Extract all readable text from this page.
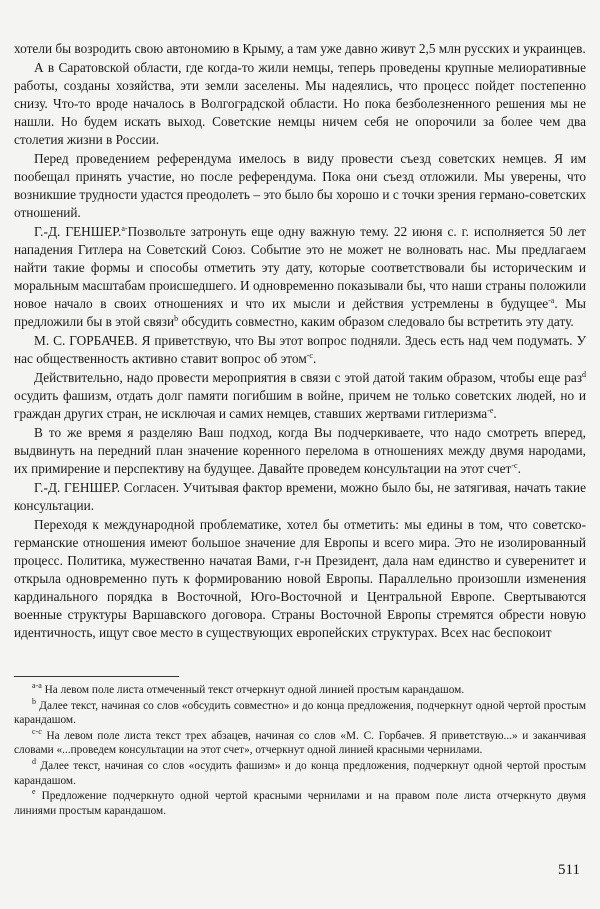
хотели бы возродить свою автономию в Крыму, а там уже давно живут 2,5 млн русских и украинцев.

А в Саратовской области, где когда-то жили немцы, теперь проведены крупные мелиоративные работы, созданы хозяйства, эти земли заселены. Мы надеялись, что процесс пойдет постепенно снизу. Что-то вроде началось в Волгоградской области. Но пока безболезненного решения мы не нашли. Но будем искать выход. Советские немцы ничем себя не опорочили за более чем два столетия жизни в России.

Перед проведением референдума имелось в виду провести съезд советских немцев. Я им пообещал принять участие, но после референдума. Пока они съезд отложили. Мы уверены, что возникшие трудности удастся преодолеть – это было бы хорошо и с точки зрения германо-советских отношений.

Г.-Д. ГЕНШЕР.$^{а-}$Позвольте затронуть еще одну важную тему. 22 июня с. г. исполняется 50 лет нападения Гитлера на Советский Союз. Событие это не может не волновать нас. Мы предлагаем найти такие формы и способы отметить эту дату, которые соответствовали бы историческим и моральным масштабам происшедшего. И одновременно показывали бы, что наши страны положили новое начало в своих отношениях и что их мысли и действия устремлены в будущее$^{-а}$. Мы предложили бы в этой связи$^b$ обсудить совместно, каким образом следовало бы встретить эту дату.

М. С. ГОРБАЧЕВ. Я приветствую, что Вы этот вопрос подняли. Здесь есть над чем подумать. У нас общественность активно ставит вопрос об этом$^{-с}$.

Действительно, надо провести мероприятия в связи с этой датой таким образом, чтобы еще раз$^d$ осудить фашизм, отдать долг памяти погибшим в войне, причем не только советских людей, но и граждан других стран, не исключая и самих немцев, ставших жертвами гитлеризма$^{-е}$.

В то же время я разделяю Ваш подход, когда Вы подчеркиваете, что надо смотреть вперед, выдвинуть на передний план значение коренного перелома в отношениях между двумя народами, их примирение и перспективу на будущее. Давайте проведем консультации на этот счет$^{-с}$.

Г.-Д. ГЕНШЕР. Согласен. Учитывая фактор времени, можно было бы, не затягивая, начать такие консультации.

Переходя к международной проблематике, хотел бы отметить: мы едины в том, что советско-германские отношения имеют большое значение для Европы и всего мира. Это не изолированный процесс. Политика, мужественно начатая Вами, г-н Президент, дала нам единство и суверенитет и открыла одновременно путь к формированию новой Европы. Параллельно произошли изменения кардинального порядка в Восточной, Юго-Восточной и Центральной Европе. Свертываются военные структуры Варшавского договора. Страны Восточной Европы стремятся обрести новую идентичность, ищут свое место в существующих европейских структурах. Всех нас беспокоит

$^{а-а}$ На левом поле листа отмеченный текст отчеркнут одной линией простым карандашом.

$^b$ Далее текст, начиная со слов «обсудить совместно» и до конца предложения, подчеркнут одной чертой простым карандашом.

$^{с-с}$ На левом поле листа текст трех абзацев, начиная со слов «М. С. Горбачев. Я приветствую...» и заканчивая словами «...проведем консультации на этот счет», отчеркнут одной линией красными чернилами.

$^d$ Далее текст, начиная со слов «осудить фашизм» и до конца предложения, подчеркнут одной чертой простым карандашом.

$^е$ Предложение подчеркнуто одной чертой красными чернилами и на правом поле листа отчеркнуто двумя линиями простым карандашом.

511
